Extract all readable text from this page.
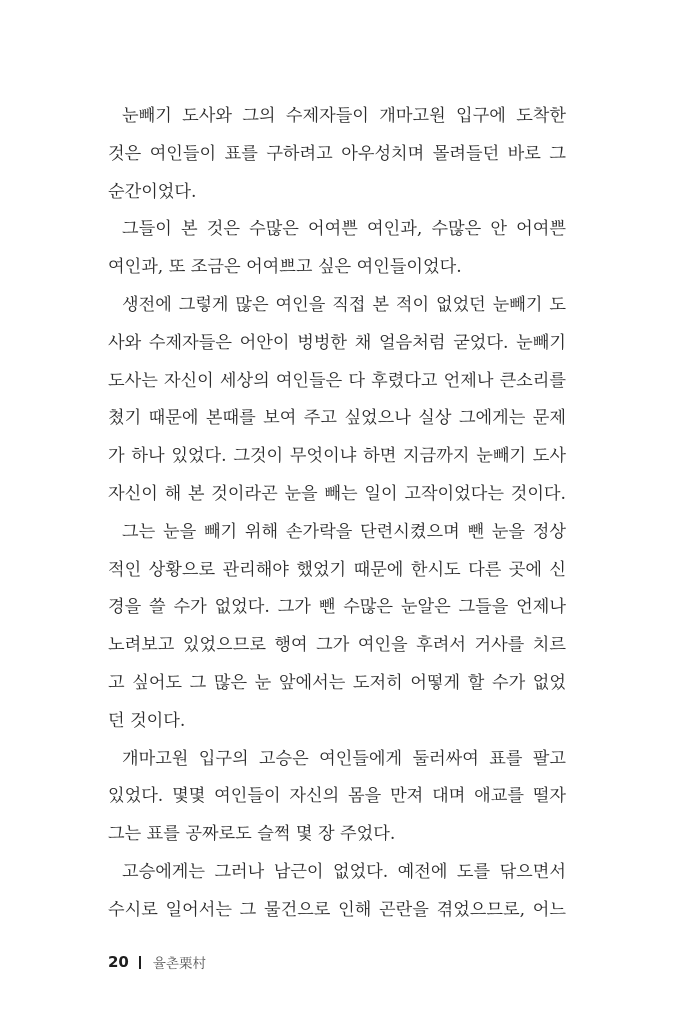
눈빼기 도사와 그의 수제자들이 개마고원 입구에 도착한
것은 여인들이 표를 구하려고 아우성치며 몰려들던 바로 그
순간이었다.
그들이 본 것은 수많은 어여쁜 여인과, 수많은 안 어여쁜
여인과, 또 조금은 어여쁘고 싶은 여인들이었다.
생전에 그렇게 많은 여인을 직접 본 적이 없었던 눈빼기 도
사와 수제자들은 어안이 벙벙한 채 얼음처럼 굳었다. 눈빼기
도사는 자신이 세상의 여인들은 다 후렸다고 언제나 큰소리를
쳤기 때문에 본때를 보여 주고 싶었으나 실상 그에게는 문제
가 하나 있었다. 그것이 무엇이냐 하면 지금까지 눈빼기 도사
자신이 해 본 것이라곤 눈을 빼는 일이 고작이었다는 것이다.
그는 눈을 빼기 위해 손가락을 단련시켰으며 뺀 눈을 정상
적인 상황으로 관리해야 했었기 때문에 한시도 다른 곳에 신
경을 쓸 수가 없었다. 그가 뺀 수많은 눈알은 그들을 언제나
노려보고 있었으므로 행여 그가 여인을 후려서 거사를 치르
고 싶어도 그 많은 눈 앞에서는 도저히 어떻게 할 수가 없었
던 것이다.
개마고원 입구의 고승은 여인들에게 둘러싸여 표를 팔고
있었다. 몇몇 여인들이 자신의 몸을 만져 대며 애교를 떨자
그는 표를 공짜로도 슬쩍 몇 장 주었다.
고승에게는 그러나 남근이 없었다. 예전에 도를 닦으면서
수시로 일어서는 그 물건으로 인해 곤란을 겪었으므로, 어느
20 율촌栗村
